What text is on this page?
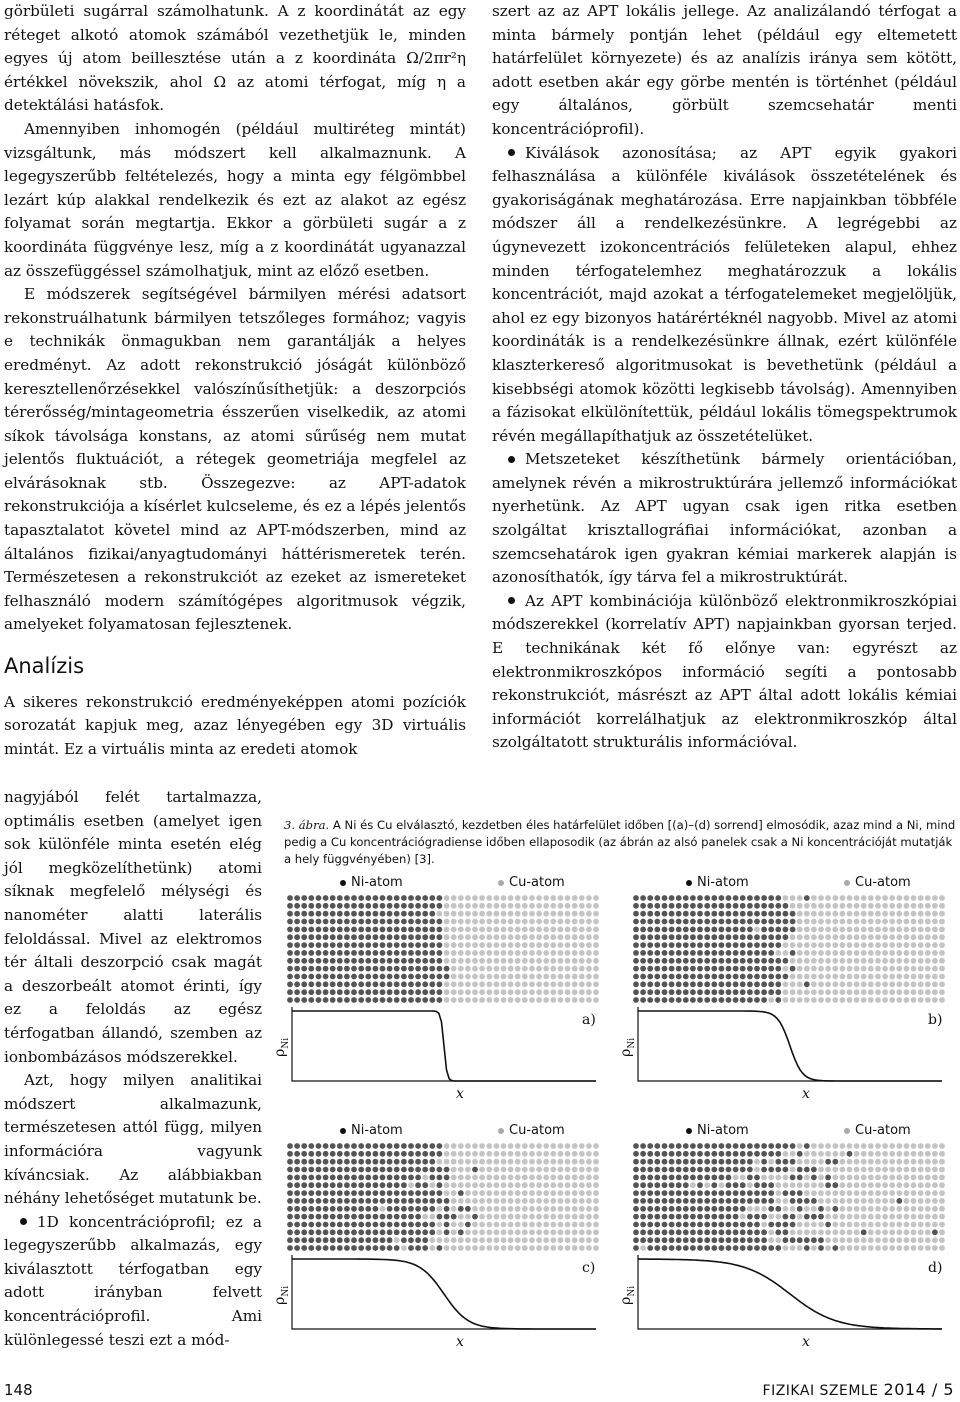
görbületi sugárral számolhatunk. A z koordinátát az egy réteget alkotó atomok számából vezethetjük le, minden egyes új atom beillesztése után a z koordináta Ω/2πr²η értékkel növekszik, ahol Ω az atomi térfogat, míg η a detektálási hatásfok.

Amennyiben inhomogén (például multiréteg mintát) vizsgáltunk, más módszert kell alkalmaznunk. A legegyszerűbb feltételezés, hogy a minta egy félgömbbel lezárt kúp alakkal rendelkezik és ezt az alakot az egész folyamat során megtartja. Ekkor a görbületi sugár a z koordináta függvénye lesz, míg a z koordinátát ugyanazzal az összefüggéssel számolhatjuk, mint az előző esetben.

E módszerek segítségével bármilyen mérési adatsort rekonstruálhatunk bármilyen tetszőleges formához; vagyis e technikák önmagukban nem garantálják a helyes eredményt. Az adott rekonstrukció jóságát különböző keresztellenőrzésekkel valószínűsíthetjük: a deszorpciós térerősség/mintageometria ésszerűen viselkedik, az atomi síkok távolsága konstans, az atomi sűrűség nem mutat jelentős fluktuációt, a rétegek geometriája megfelel az elvárásoknak stb. Összegezve: az APT-adatok rekonstrukciója a kísérlet kulcseleme, és ez a lépés jelentős tapasztalatot követel mind az APT-módszerben, mind az általános fizikai/anyagtudományi háttérismeretek terén. Természetesen a rekonstrukciót az ezeket az ismereteket felhasználó modern számítógépes algoritmusok végzik, amelyeket folyamatosan fejlesztenek.

Analízis

A sikeres rekonstrukció eredményeképpen atomi pozíciók sorozatát kapjuk meg, azaz lényegében egy 3D virtuális mintát. Ez a virtuális minta az eredeti atomok

nagyjából felét tartalmazza, optimális esetben (amelyet igen sok különféle minta esetén elég jól megközelíthetünk) atomi síknak megfelelő mélységi és nanométer alatti laterális feloldással. Mivel az elektromos tér általi deszorpció csak magát a deszorbeált atomot érinti, így ez a feloldás az egész térfogatban állandó, szemben az ionbombázásos módszerekkel.

Azt, hogy milyen analitikai módszert alkalmazunk, természetesen attól függ, milyen információra vagyunk kíváncsiak. Az alábbiakban néhány lehetőséget mutatunk be.

1D koncentrációprofil; ez a legegyszerűbb alkalmazás, egy kiválasztott térfogatban egy adott irányban felvett koncentrációprofil. Ami különlegessé teszi ezt a mód-

szert az az APT lokális jellege. Az analizálandó térfogat a minta bármely pontján lehet (például egy eltemetett határfelület környezete) és az analízis iránya sem kötött, adott esetben akár egy görbe mentén is történhet (például egy általános, görbült szemcsehatár menti koncentrációprofil).

Kiválások azonosítása; az APT egyik gyakori felhasználása a különféle kiválások összetételének és gyakoriságának meghatározása. Erre napjainkban többféle módszer áll a rendelkezésünkre. A legrégebbi az úgynevezett izokoncentrációs felületeken alapul, ehhez minden térfogatelemhez meghatározzuk a lokális koncentrációt, majd azokat a térfogatelemeket megjelöljük, ahol ez egy bizonyos határértéknél nagyobb. Mivel az atomi koordináták is a rendelkezésünkre állnak, ezért különféle klaszterkereső algoritmusokat is bevethetünk (például a kisebbségi atomok közötti legkisebb távolság). Amennyiben a fázisokat elkülönítettük, például lokális tömegspektrumok révén megállapíthatjuk az összetételüket.

Metszeteket készíthetünk bármely orientációban, amelynek révén a mikrostruktúrára jellemző információkat nyerhetünk. Az APT ugyan csak igen ritka esetben szolgáltat krisztallográfiai információkat, azonban a szemcsehatárok igen gyakran kémiai markerek alapján is azonosíthatók, így tárva fel a mikrostruktúrát.

Az APT kombinációja különböző elektronmikroszkópiai módszerekkel (korrelatív APT) napjainkban gyorsan terjed. E technikának két fő előnye van: egyrészt az elektronmikroszkópos információ segíti a pontosabb rekonstrukciót, másrészt az APT által adott lokális kémiai információt korrelálhatjuk az elektronmikroszkóp által szolgáltatott strukturális információval.

3. ábra. A Ni és Cu elválasztó, kezdetben éles határfelület időben [(a)–(d) sorrend] elmosódik, azaz mind a Ni, mind pedig a Cu koncentrációgradiense időben ellaposodik (az ábrán az alsó panelek csak a Ni koncentrációját mutatják a hely függvényében) [3].
Ni-atom	Cu-atom
a)
$\rho_{Ni}$
x
Ni-atom	Cu-atom
b)
$\rho_{Ni}$
x
Ni-atom	Cu-atom
c)
$\rho_{Ni}$
x
Ni-atom	Cu-atom
d)
$\rho_{Ni}$
x
148	FIZIKAI SZEMLE 2014 / 5
